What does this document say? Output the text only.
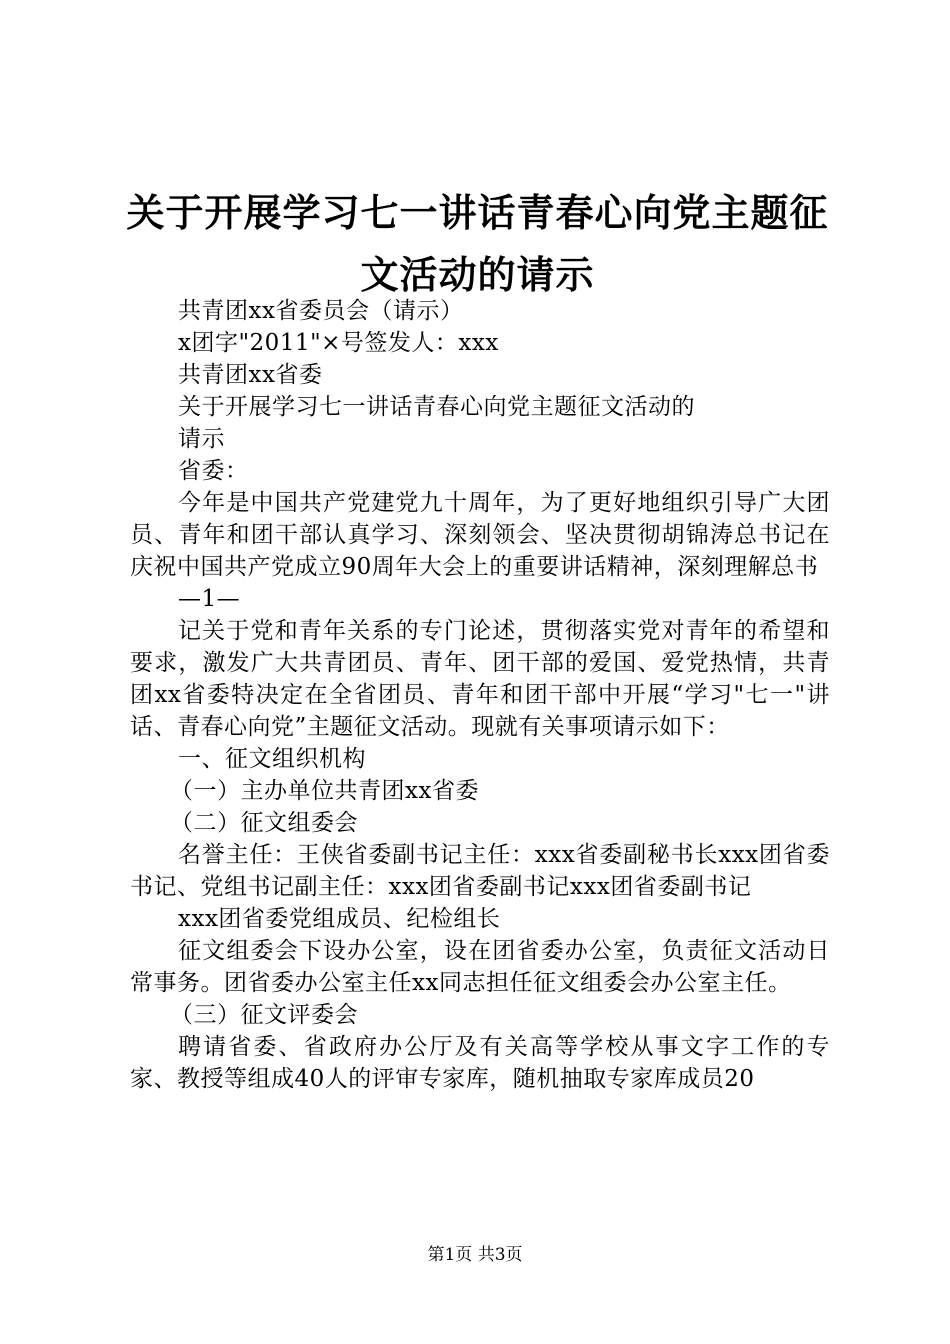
关于开展学习七一讲话青春心向党主题征文活动的请示

共青团xx省委员会（请示）

x团字"2011"×号签发人：xxx

共青团xx省委

关于开展学习七一讲话青春心向党主题征文活动的

请示

省委：

今年是中国共产党建党九十周年，为了更好地组织引导广大团员、青年和团干部认真学习、深刻领会、坚决贯彻胡锦涛总书记在庆祝中国共产党成立90周年大会上的重要讲话精神，深刻理解总书

—1—

记关于党和青年关系的专门论述，贯彻落实党对青年的希望和要求，激发广大共青团员、青年、团干部的爱国、爱党热情，共青团xx省委特决定在全省团员、青年和团干部中开展“学习"七一"讲话、青春心向党”主题征文活动。现就有关事项请示如下：

一、征文组织机构

（一）主办单位共青团xx省委

（二）征文组委会

名誉主任：王侠省委副书记主任：xxx省委副秘书长xxx团省委书记、党组书记副主任：xxx团省委副书记xxx团省委副书记

xxx团省委党组成员、纪检组长

征文组委会下设办公室，设在团省委办公室，负责征文活动日常事务。团省委办公室主任xx同志担任征文组委会办公室主任。

（三）征文评委会

聘请省委、省政府办公厅及有关高等学校从事文字工作的专家、教授等组成40人的评审专家库，随机抽取专家库成员20

第1页 共3页
